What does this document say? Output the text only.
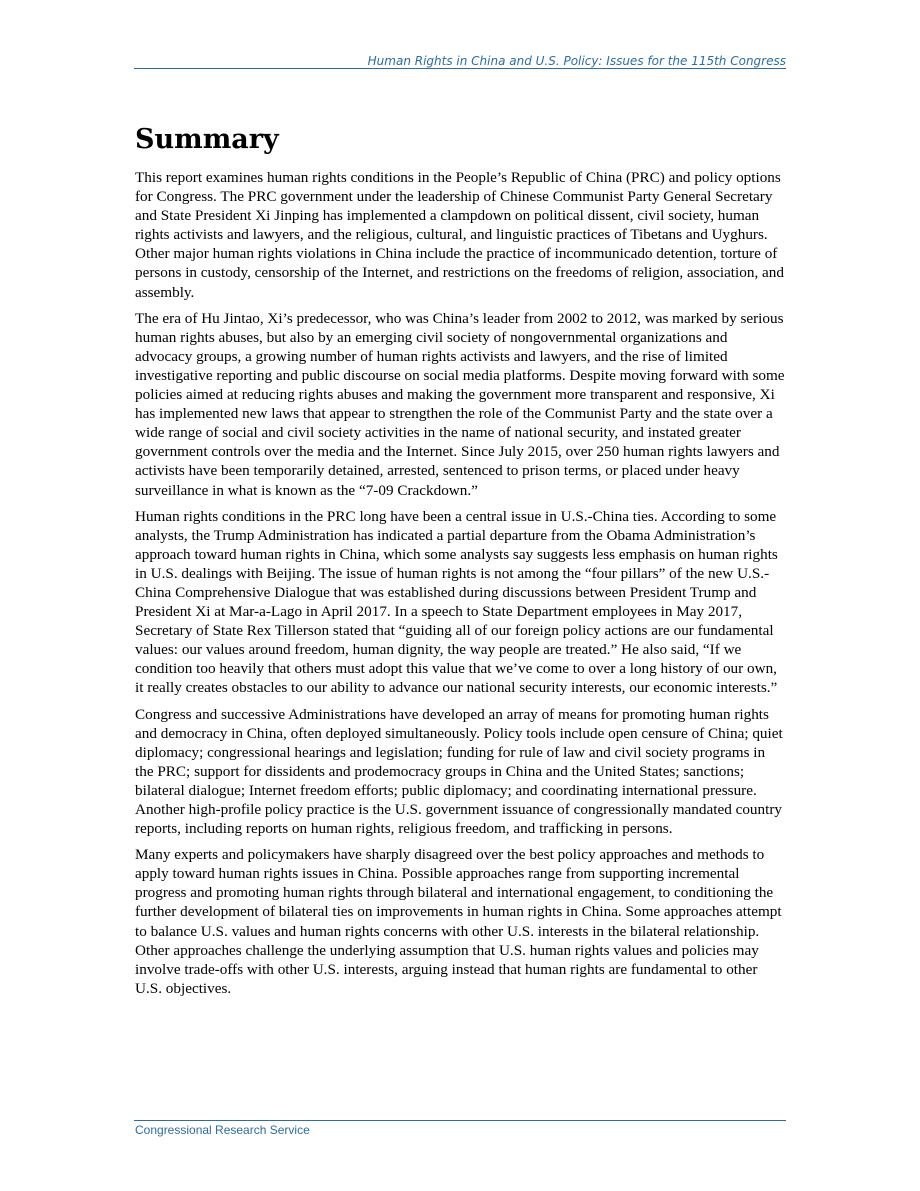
Human Rights in China and U.S. Policy: Issues for the 115th Congress
Summary

This report examines human rights conditions in the People’s Republic of China (PRC) and policy options for Congress. The PRC government under the leadership of Chinese Communist Party General Secretary and State President Xi Jinping has implemented a clampdown on political dissent, civil society, human rights activists and lawyers, and the religious, cultural, and linguistic practices of Tibetans and Uyghurs. Other major human rights violations in China include the practice of incommunicado detention, torture of persons in custody, censorship of the Internet, and restrictions on the freedoms of religion, association, and assembly.

The era of Hu Jintao, Xi’s predecessor, who was China’s leader from 2002 to 2012, was marked by serious human rights abuses, but also by an emerging civil society of nongovernmental organizations and advocacy groups, a growing number of human rights activists and lawyers, and the rise of limited investigative reporting and public discourse on social media platforms. Despite moving forward with some policies aimed at reducing rights abuses and making the government more transparent and responsive, Xi has implemented new laws that appear to strengthen the role of the Communist Party and the state over a wide range of social and civil society activities in the name of national security, and instated greater government controls over the media and the Internet. Since July 2015, over 250 human rights lawyers and activists have been temporarily detained, arrested, sentenced to prison terms, or placed under heavy surveillance in what is known as the “7-09 Crackdown.”

Human rights conditions in the PRC long have been a central issue in U.S.-China ties. According to some analysts, the Trump Administration has indicated a partial departure from the Obama Administration’s approach toward human rights in China, which some analysts say suggests less emphasis on human rights in U.S. dealings with Beijing. The issue of human rights is not among the “four pillars” of the new U.S.-China Comprehensive Dialogue that was established during discussions between President Trump and President Xi at Mar-a-Lago in April 2017. In a speech to State Department employees in May 2017, Secretary of State Rex Tillerson stated that “guiding all of our foreign policy actions are our fundamental values: our values around freedom, human dignity, the way people are treated.” He also said, “If we condition too heavily that others must adopt this value that we’ve come to over a long history of our own, it really creates obstacles to our ability to advance our national security interests, our economic interests.”

Congress and successive Administrations have developed an array of means for promoting human rights and democracy in China, often deployed simultaneously. Policy tools include open censure of China; quiet diplomacy; congressional hearings and legislation; funding for rule of law and civil society programs in the PRC; support for dissidents and prodemocracy groups in China and the United States; sanctions; bilateral dialogue; Internet freedom efforts; public diplomacy; and coordinating international pressure. Another high-profile policy practice is the U.S. government issuance of congressionally mandated country reports, including reports on human rights, religious freedom, and trafficking in persons.

Many experts and policymakers have sharply disagreed over the best policy approaches and methods to apply toward human rights issues in China. Possible approaches range from supporting incremental progress and promoting human rights through bilateral and international engagement, to conditioning the further development of bilateral ties on improvements in human rights in China. Some approaches attempt to balance U.S. values and human rights concerns with other U.S. interests in the bilateral relationship. Other approaches challenge the underlying assumption that U.S. human rights values and policies may involve trade-offs with other U.S. interests, arguing instead that human rights are fundamental to other U.S. objectives.

Congressional Research Service
